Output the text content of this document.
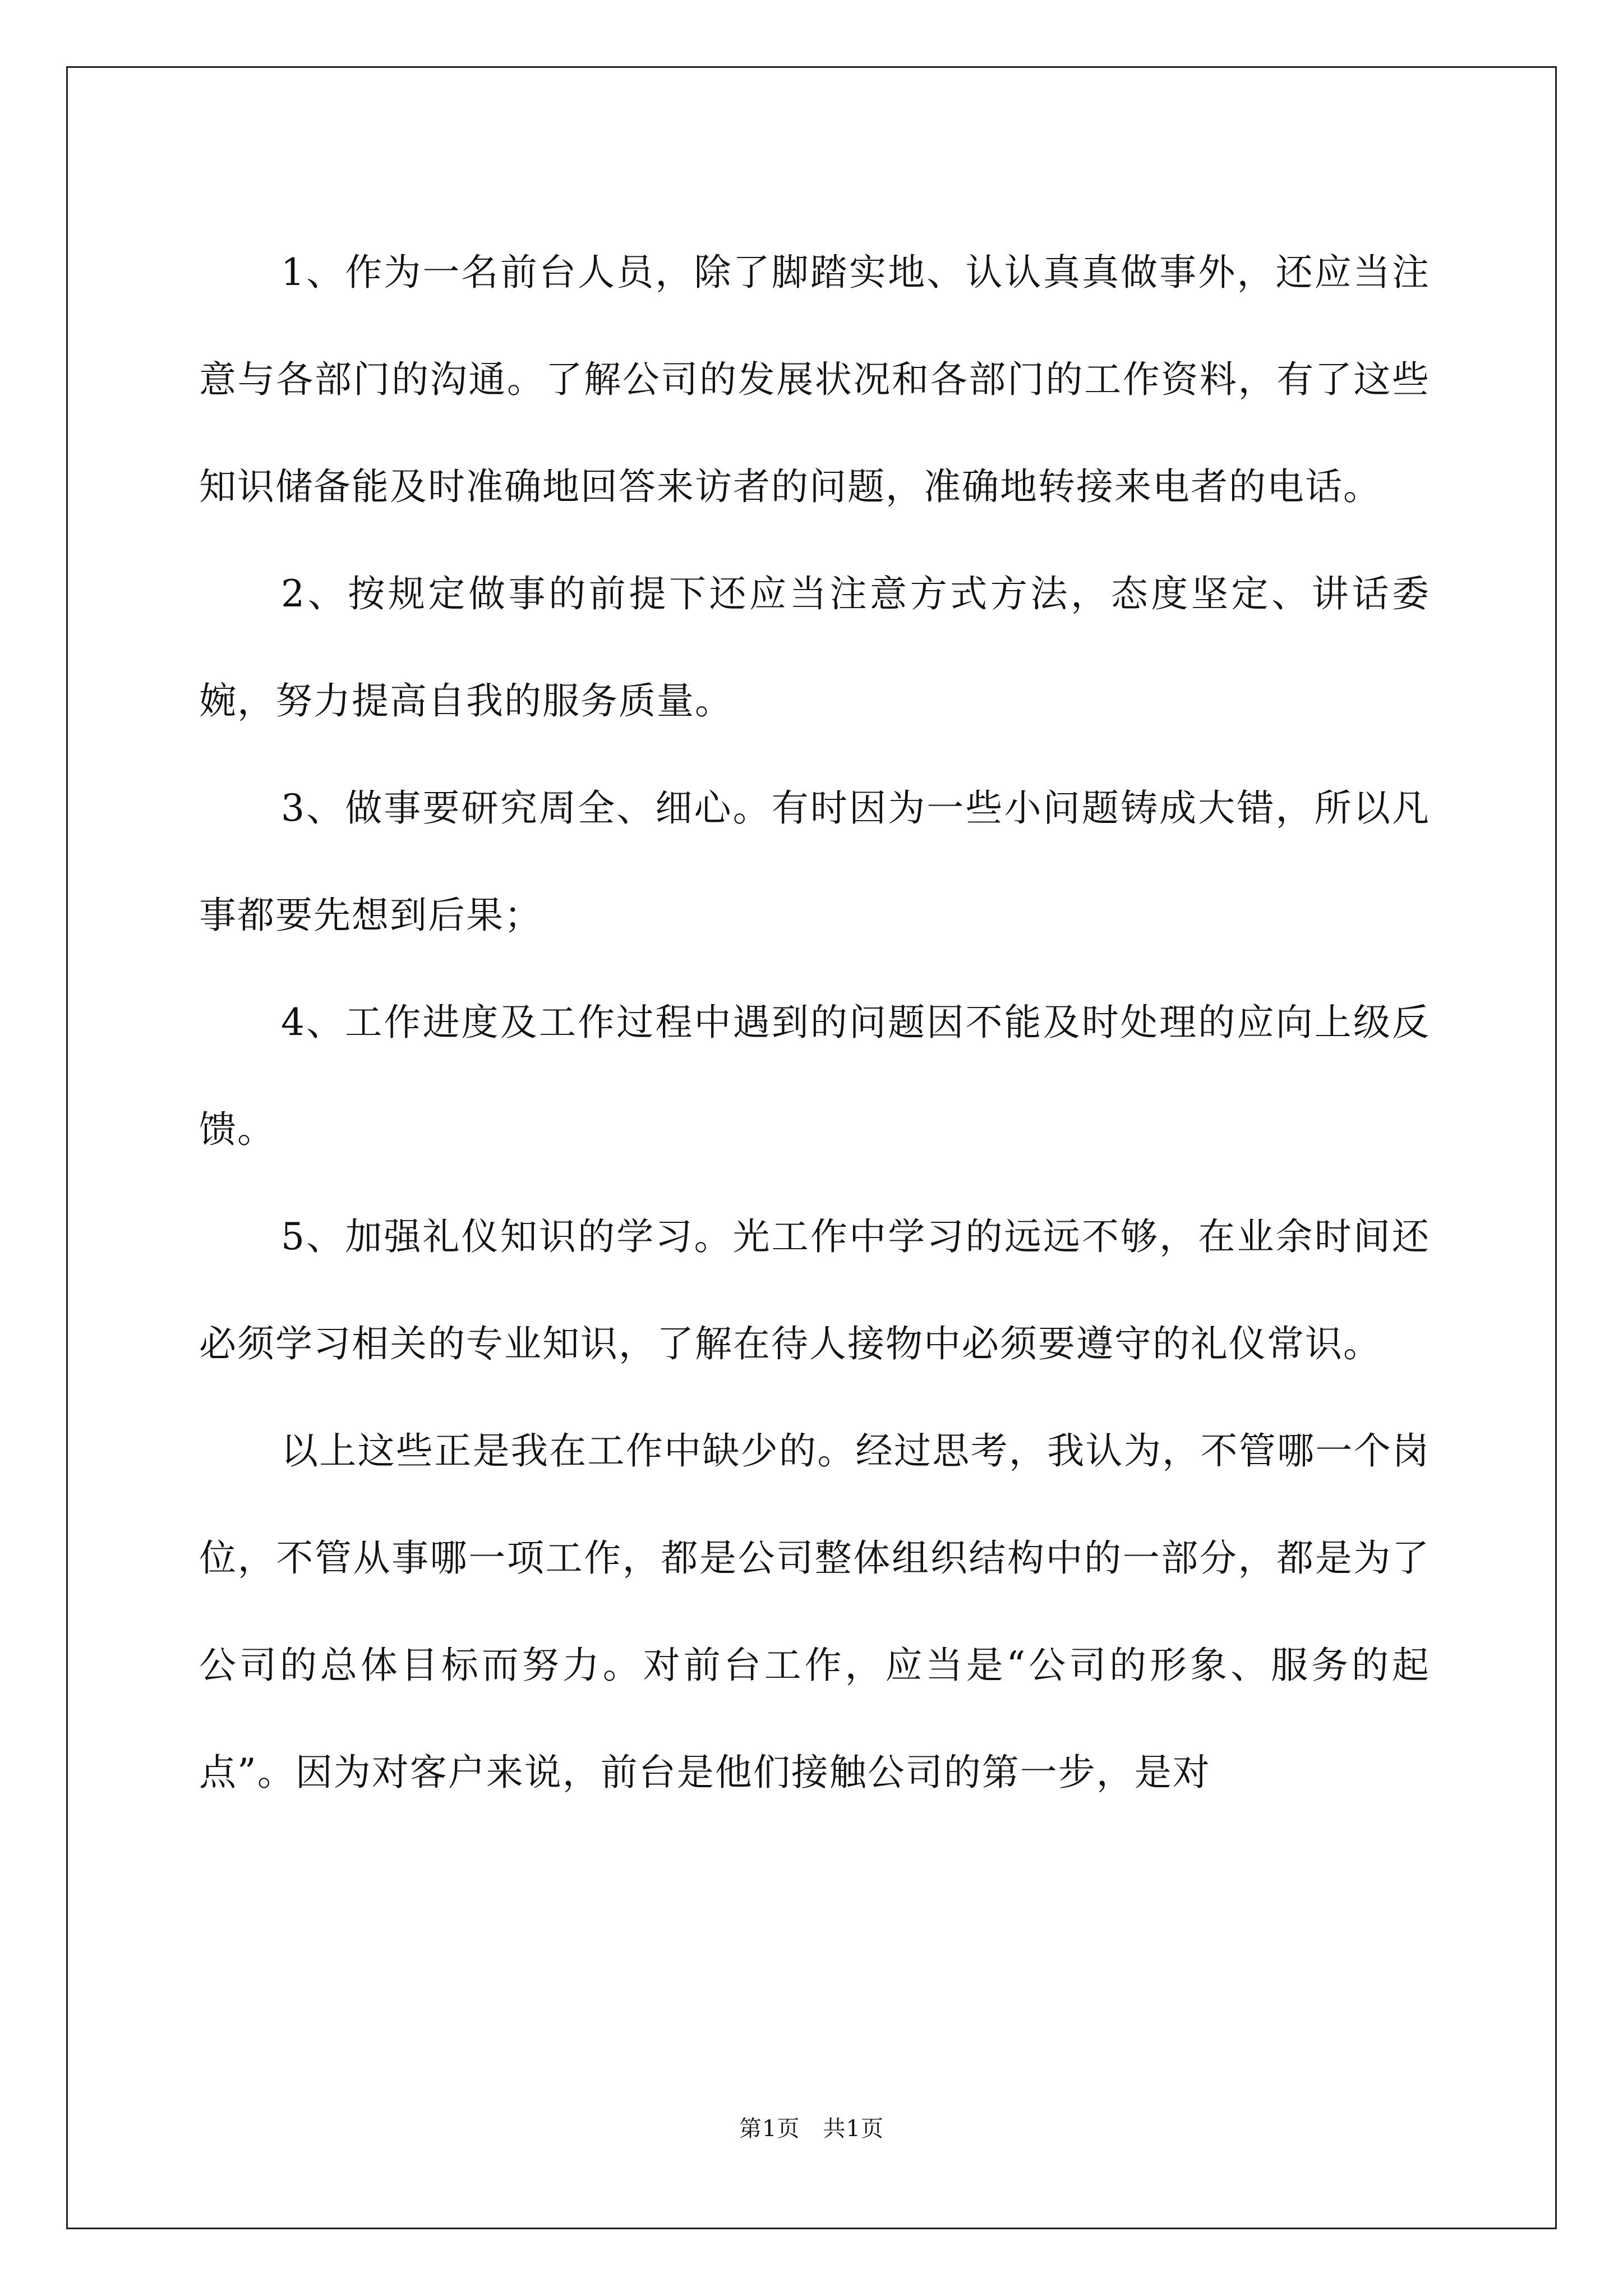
1、作为一名前台人员，除了脚踏实地、认认真真做事外，还应当注意与各部门的沟通。了解公司的发展状况和各部门的工作资料，有了这些知识储备能及时准确地回答来访者的问题，准确地转接来电者的电话。

2、按规定做事的前提下还应当注意方式方法，态度坚定、讲话委婉，努力提高自我的服务质量。

3、做事要研究周全、细心。有时因为一些小问题铸成大错，所以凡事都要先想到后果；

4、工作进度及工作过程中遇到的问题因不能及时处理的应向上级反馈。

5、加强礼仪知识的学习。光工作中学习的远远不够，在业余时间还必须学习相关的专业知识，了解在待人接物中必须要遵守的礼仪常识。

以上这些正是我在工作中缺少的。经过思考，我认为，不管哪一个岗位，不管从事哪一项工作，都是公司整体组织结构中的一部分，都是为了公司的总体目标而努力。对前台工作，应当是“公司的形象、服务的起点”。因为对客户来说，前台是他们接触公司的第一步，是对

第1页　共1页
